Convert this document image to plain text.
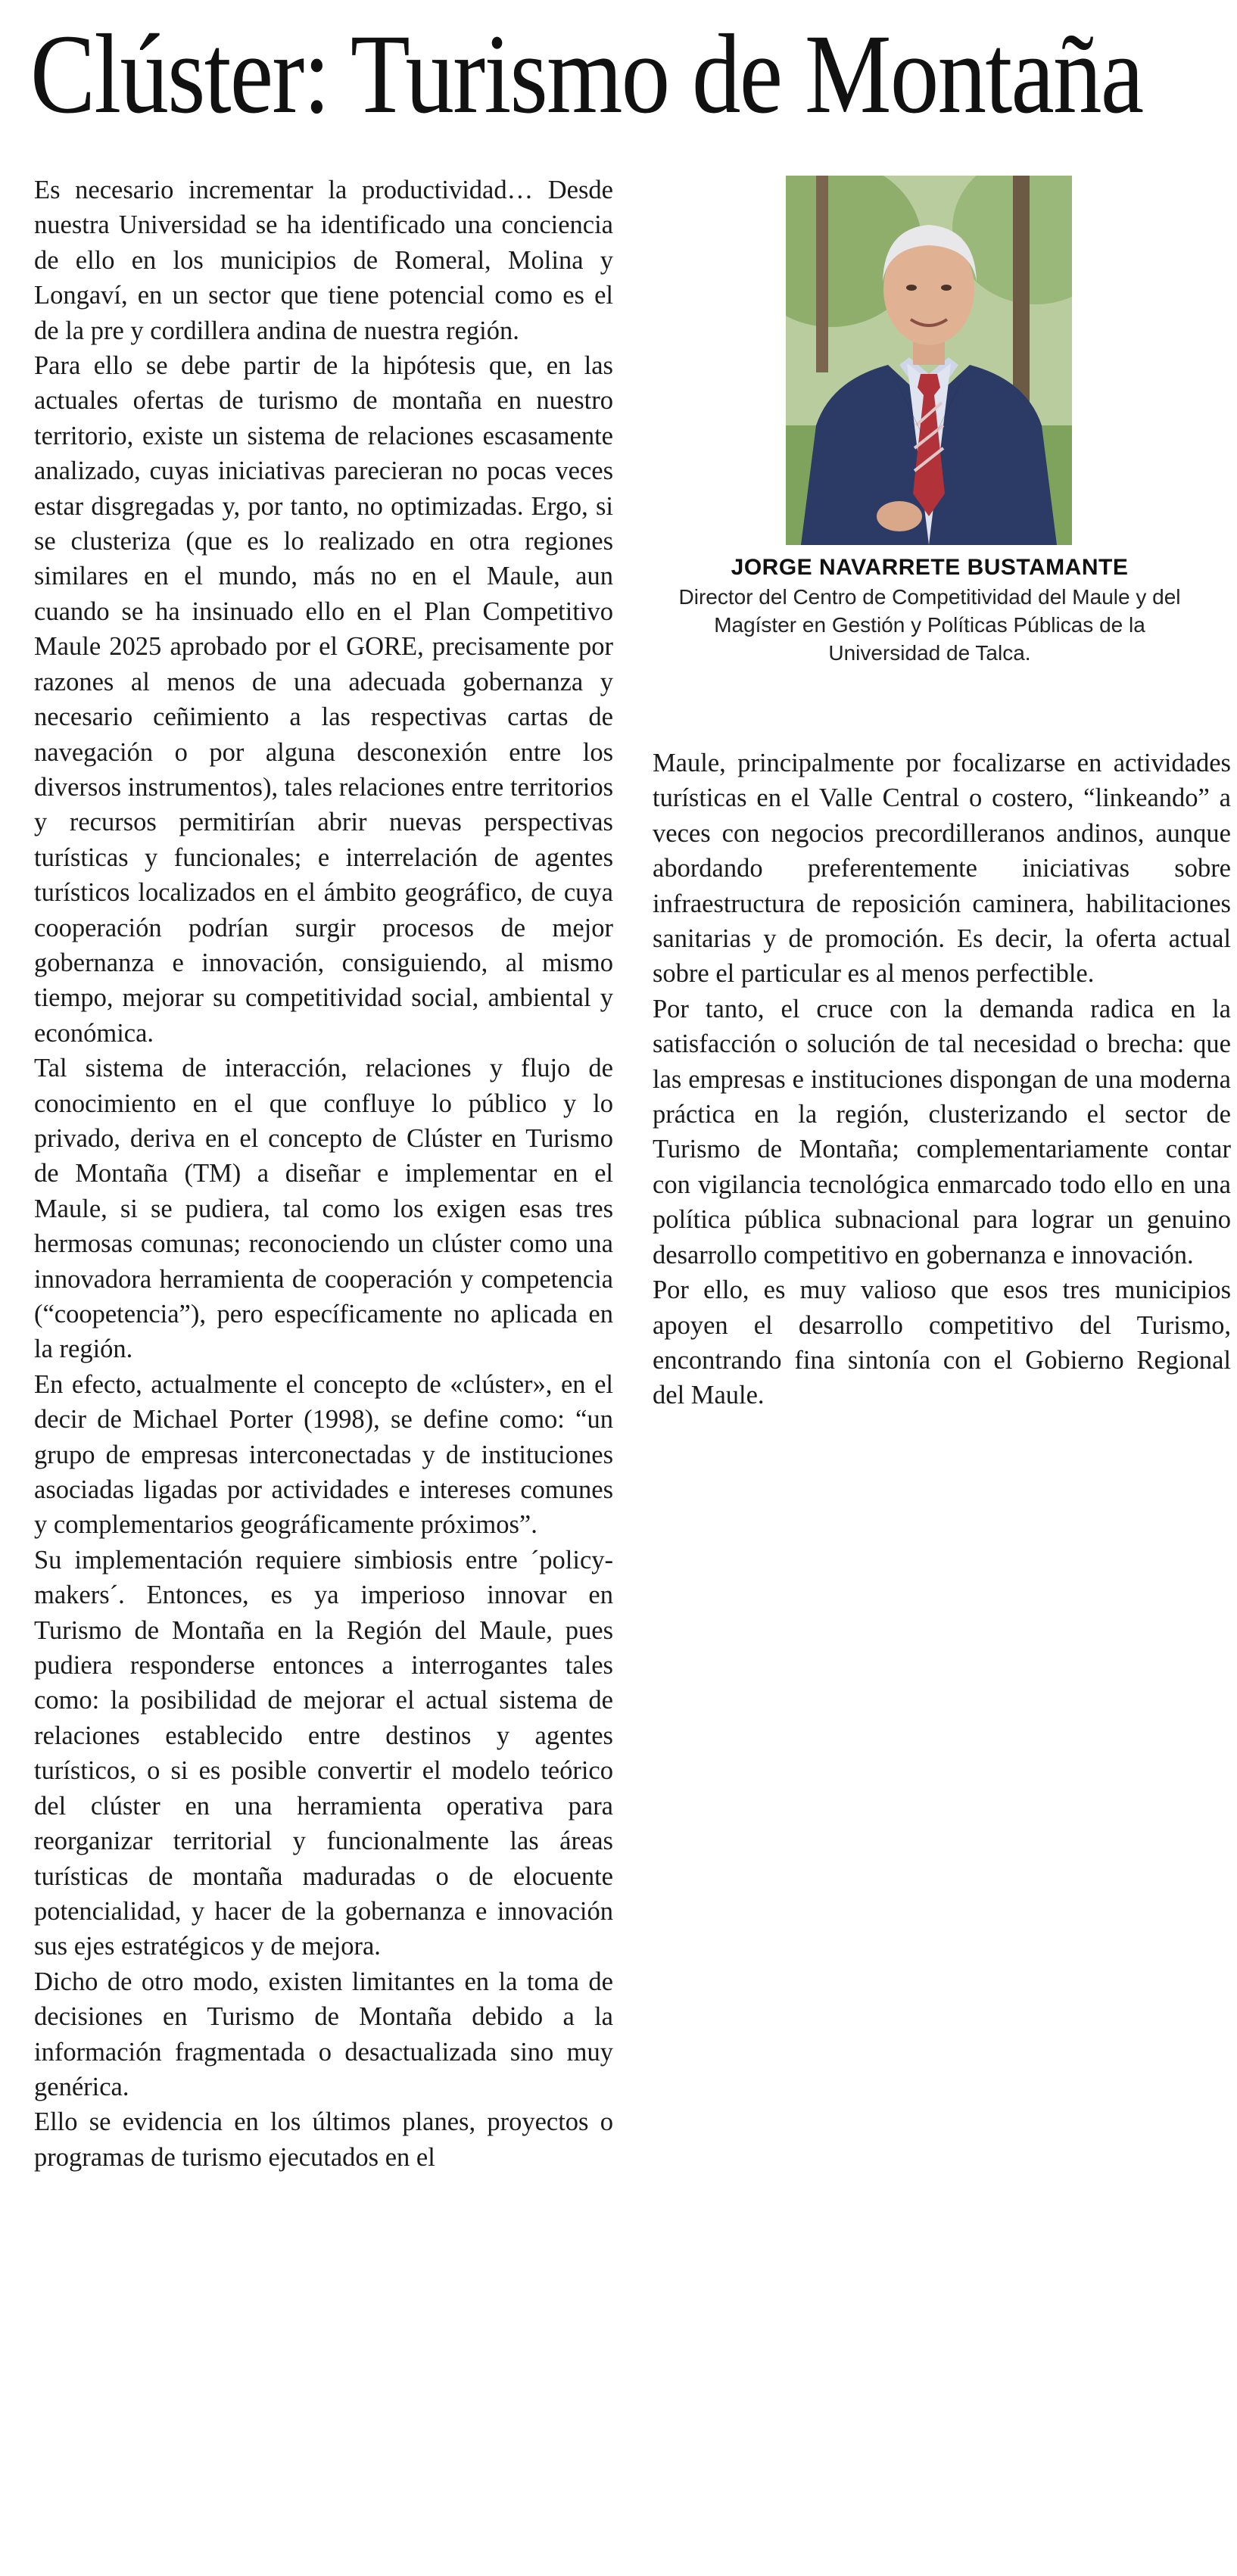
Clúster: Turismo de Montaña

Es necesario incrementar la productividad… Desde nuestra Universidad se ha identificado una conciencia de ello en los municipios de Romeral, Molina y Longaví, en un sector que tiene potencial como es el de la pre y cordillera andina de nuestra región.

Para ello se debe partir de la hipótesis que, en las actuales ofertas de turismo de montaña en nuestro territorio, existe un sistema de relaciones escasamente analizado, cuyas iniciativas parecieran no pocas veces estar disgregadas y, por tanto, no optimizadas. Ergo, si se clusteriza (que es lo realizado en otra regiones similares en el mundo, más no en el Maule, aun cuando se ha insinuado ello en el Plan Competitivo Maule 2025 aprobado por el GORE, precisamente por razones al menos de una adecuada gobernanza y necesario ceñimiento a las respectivas cartas de navegación o por alguna desconexión entre los diversos instrumentos), tales relaciones entre territorios y recursos permitirían abrir nuevas perspectivas turísticas y funcionales; e interrelación de agentes turísticos localizados en el ámbito geográfico, de cuya cooperación podrían surgir procesos de mejor gobernanza e innovación, consiguiendo, al mismo tiempo, mejorar su competitividad social, ambiental y económica.

Tal sistema de interacción, relaciones y flujo de conocimiento en el que confluye lo público y lo privado, deriva en el concepto de Clúster en Turismo de Montaña (TM) a diseñar e implementar en el Maule, si se pudiera, tal como los exigen esas tres hermosas comunas; reconociendo un clúster como una innovadora herramienta de cooperación y competencia (“coopetencia”), pero específicamente no aplicada en la región.

En efecto, actualmente el concepto de «clúster», en el decir de Michael Porter (1998), se define como: “un grupo de empresas interconectadas y de instituciones asociadas ligadas por actividades e intereses comunes y complementarios geográficamente próximos”.

Su implementación requiere simbiosis entre ´policy-makers´. Entonces, es ya imperioso innovar en Turismo de Montaña en la Región del Maule, pues pudiera responderse entonces a interrogantes tales como: la posibilidad de mejorar el actual sistema de relaciones establecido entre destinos y agentes turísticos, o si es posible convertir el modelo teórico del clúster en una herramienta operativa para reorganizar territorial y funcionalmente las áreas turísticas de montaña maduradas o de elocuente potencialidad, y hacer de la gobernanza e innovación sus ejes estratégicos y de mejora.

Dicho de otro modo, existen limitantes en la toma de decisiones en Turismo de Montaña debido a la información fragmentada o desactualizada sino muy genérica.

Ello se evidencia en los últimos planes, proyectos o programas de turismo ejecutados en el

JORGE NAVARRETE BUSTAMANTE
Director del Centro de Competitividad del Maule y del Magíster en Gestión y Políticas Públicas de la Universidad de Talca.

Maule, principalmente por focalizarse en actividades turísticas en el Valle Central o costero, “linkeando” a veces con negocios precordilleranos andinos, aunque abordando preferentemente iniciativas sobre infraestructura de reposición caminera, habilitaciones sanitarias y de promoción. Es decir, la oferta actual sobre el particular es al menos perfectible.

Por tanto, el cruce con la demanda radica en la satisfacción o solución de tal necesidad o brecha: que las empresas e instituciones dispongan de una moderna práctica en la región, clusterizando el sector de Turismo de Montaña; complementariamente contar con vigilancia tecnológica enmarcado todo ello en una política pública subnacional para lograr un genuino desarrollo competitivo en gobernanza e innovación.

Por ello, es muy valioso que esos tres municipios apoyen el desarrollo competitivo del Turismo, encontrando fina sintonía con el Gobierno Regional del Maule.
